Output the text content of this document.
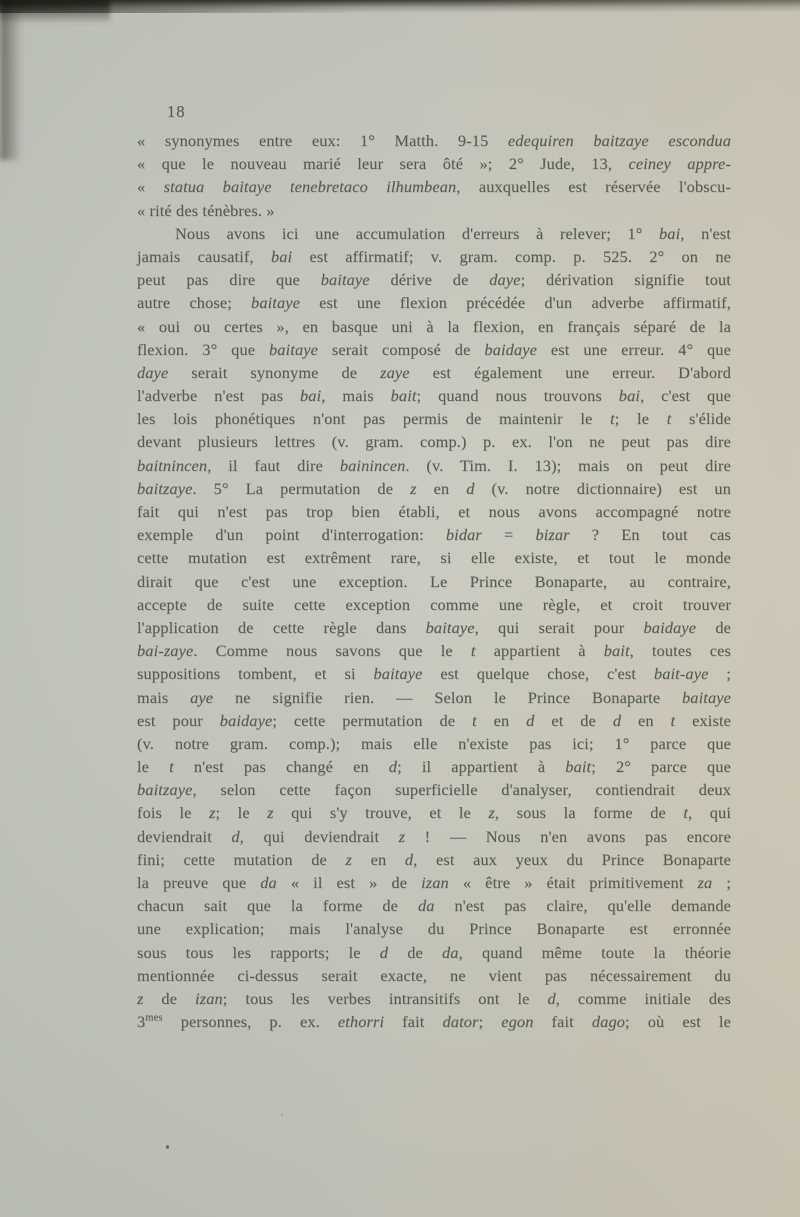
18
« synonymes entre eux: 1° Matth. 9-15 edequiren baitzaye escondua
« que le nouveau marié leur sera ôté »; 2° Jude, 13, ceiney appre-
« statua baitaye tenebretaco ilhumbean, auxquelles est réservée l'obscu-
« rité des ténèbres. »
Nous avons ici une accumulation d'erreurs à relever; 1° bai, n'est
jamais causatif, bai est affirmatif; v. gram. comp. p. 525. 2° on ne
peut pas dire que baitaye dérive de daye; dérivation signifie tout
autre chose; baitaye est une flexion précédée d'un adverbe affirmatif,
« oui ou certes », en basque uni à la flexion, en français séparé de la
flexion. 3° que baitaye serait composé de baidaye est une erreur. 4° que
daye serait synonyme de zaye est également une erreur. D'abord
l'adverbe n'est pas bai, mais bait; quand nous trouvons bai, c'est que
les lois phonétiques n'ont pas permis de maintenir le t; le t s'élide
devant plusieurs lettres (v. gram. comp.) p. ex. l'on ne peut pas dire
baitnincen, il faut dire bainincen. (v. Tim. I. 13); mais on peut dire
baitzaye. 5° La permutation de z en d (v. notre dictionnaire) est un
fait qui n'est pas trop bien établi, et nous avons accompagné notre
exemple d'un point d'interrogation: bidar = bizar ? En tout cas
cette mutation est extrêment rare, si elle existe, et tout le monde
dirait que c'est une exception. Le Prince Bonaparte, au contraire,
accepte de suite cette exception comme une règle, et croit trouver
l'application de cette règle dans baitaye, qui serait pour baidaye de
bai-zaye. Comme nous savons que le t appartient à bait, toutes ces
suppositions tombent, et si baitaye est quelque chose, c'est bait-aye ;
mais aye ne signifie rien. — Selon le Prince Bonaparte baitaye
est pour baidaye; cette permutation de t en d et de d en t existe
(v. notre gram. comp.); mais elle n'existe pas ici; 1° parce que
le t n'est pas changé en d; il appartient à bait; 2° parce que
baitzaye, selon cette façon superficielle d'analyser, contiendrait deux
fois le z; le z qui s'y trouve, et le z, sous la forme de t, qui
deviendrait d, qui deviendrait z ! — Nous n'en avons pas encore
fini; cette mutation de z en d, est aux yeux du Prince Bonaparte
la preuve que da « il est » de izan « être » était primitivement za ;
chacun sait que la forme de da n'est pas claire, qu'elle demande
une explication; mais l'analyse du Prince Bonaparte est erronnée
sous tous les rapports; le d de da, quand même toute la théorie
mentionnée ci-dessus serait exacte, ne vient pas nécessairement du
z de izan; tous les verbes intransitifs ont le d, comme initiale des
$3^{mes}$ personnes, p. ex. ethorri fait dator; egon fait dago; où est le
